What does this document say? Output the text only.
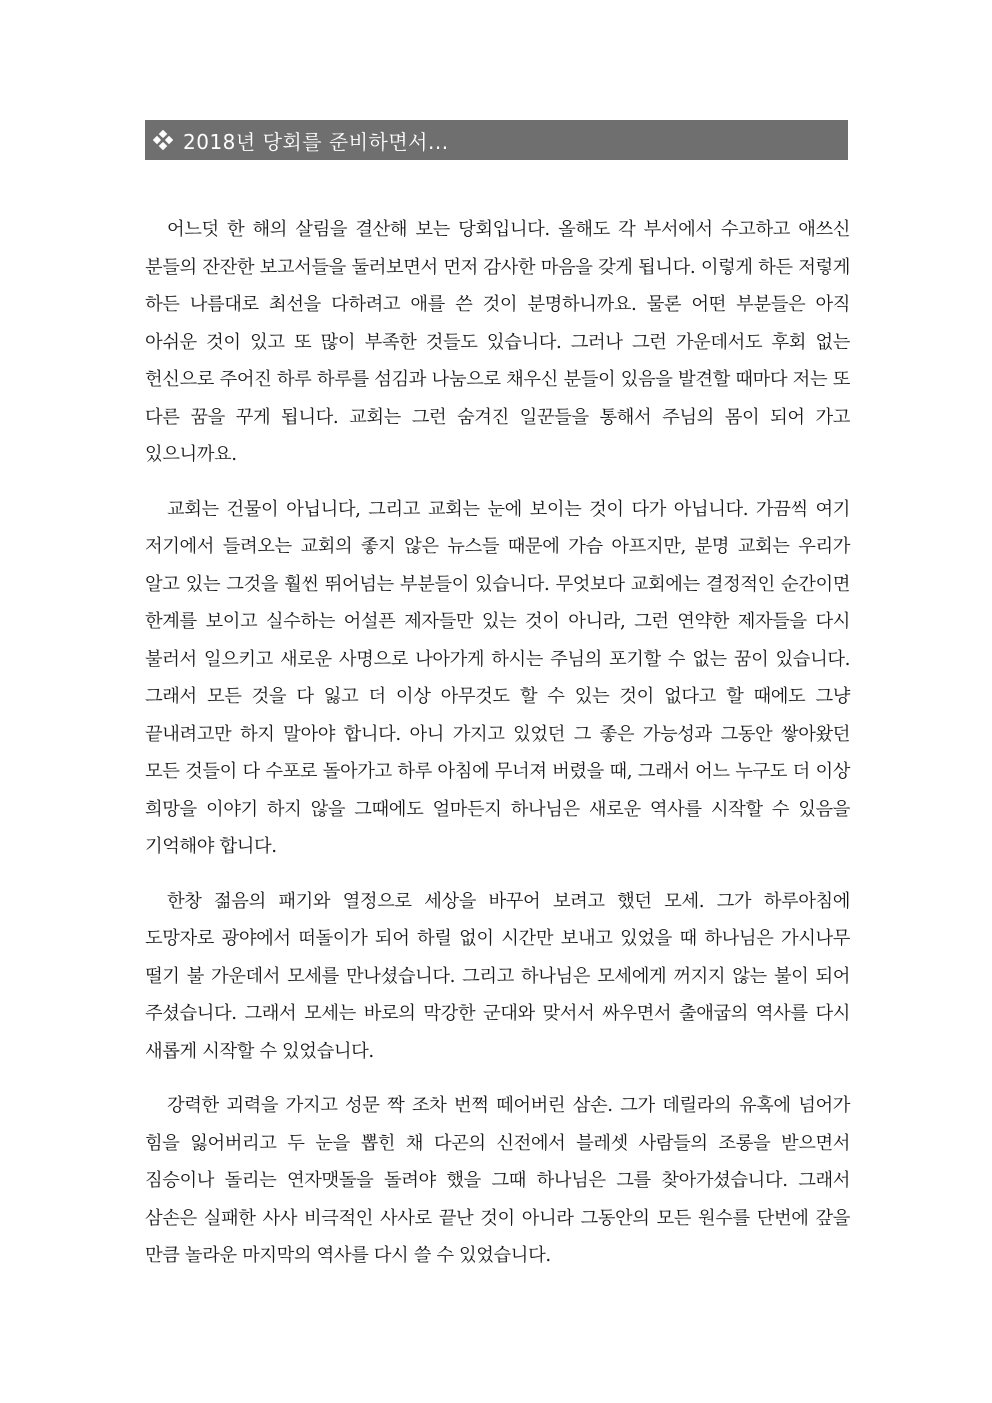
2018년 당회를 준비하면서...

어느덧 한 해의 살림을 결산해 보는 당회입니다. 올해도 각 부서에서 수고하고 애쓰신 분들의 잔잔한 보고서들을 둘러보면서 먼저 감사한 마음을 갖게 됩니다. 이렇게 하든 저렇게 하든 나름대로 최선을 다하려고 애를 쓴 것이 분명하니까요. 물론 어떤 부분들은 아직 아쉬운 것이 있고 또 많이 부족한 것들도 있습니다. 그러나 그런 가운데서도 후회 없는 헌신으로 주어진 하루 하루를 섬김과 나눔으로 채우신 분들이 있음을 발견할 때마다 저는 또 다른 꿈을 꾸게 됩니다. 교회는 그런 숨겨진 일꾼들을 통해서 주님의 몸이 되어 가고 있으니까요.

교회는 건물이 아닙니다, 그리고 교회는 눈에 보이는 것이 다가 아닙니다. 가끔씩 여기 저기에서 들려오는 교회의 좋지 않은 뉴스들 때문에 가슴 아프지만, 분명 교회는 우리가 알고 있는 그것을 훨씬 뛰어넘는 부분들이 있습니다. 무엇보다 교회에는 결정적인 순간이면 한계를 보이고 실수하는 어설픈 제자들만 있는 것이 아니라, 그런 연약한 제자들을 다시 불러서 일으키고 새로운 사명으로 나아가게 하시는 주님의 포기할 수 없는 꿈이 있습니다. 그래서 모든 것을 다 잃고 더 이상 아무것도 할 수 있는 것이 없다고 할 때에도 그냥 끝내려고만 하지 말아야 합니다. 아니 가지고 있었던 그 좋은 가능성과 그동안 쌓아왔던 모든 것들이 다 수포로 돌아가고 하루 아침에 무너져 버렸을 때, 그래서 어느 누구도 더 이상 희망을 이야기 하지 않을 그때에도 얼마든지 하나님은 새로운 역사를 시작할 수 있음을 기억해야 합니다.

한창 젊음의 패기와 열정으로 세상을 바꾸어 보려고 했던 모세. 그가 하루아침에 도망자로 광야에서 떠돌이가 되어 하릴 없이 시간만 보내고 있었을 때 하나님은 가시나무 떨기 불 가운데서 모세를 만나셨습니다. 그리고 하나님은 모세에게 꺼지지 않는 불이 되어 주셨습니다. 그래서 모세는 바로의 막강한 군대와 맞서서 싸우면서 출애굽의 역사를 다시 새롭게 시작할 수 있었습니다.

강력한 괴력을 가지고 성문 짝 조차 번쩍 떼어버린 삼손. 그가 데릴라의 유혹에 넘어가 힘을 잃어버리고 두 눈을 뽑힌 채 다곤의 신전에서 블레셋 사람들의 조롱을 받으면서 짐승이나 돌리는 연자맷돌을 돌려야 했을 그때 하나님은 그를 찾아가셨습니다. 그래서 삼손은 실패한 사사 비극적인 사사로 끝난 것이 아니라 그동안의 모든 원수를 단번에 갚을 만큼 놀라운 마지막의 역사를 다시 쓸 수 있었습니다.
